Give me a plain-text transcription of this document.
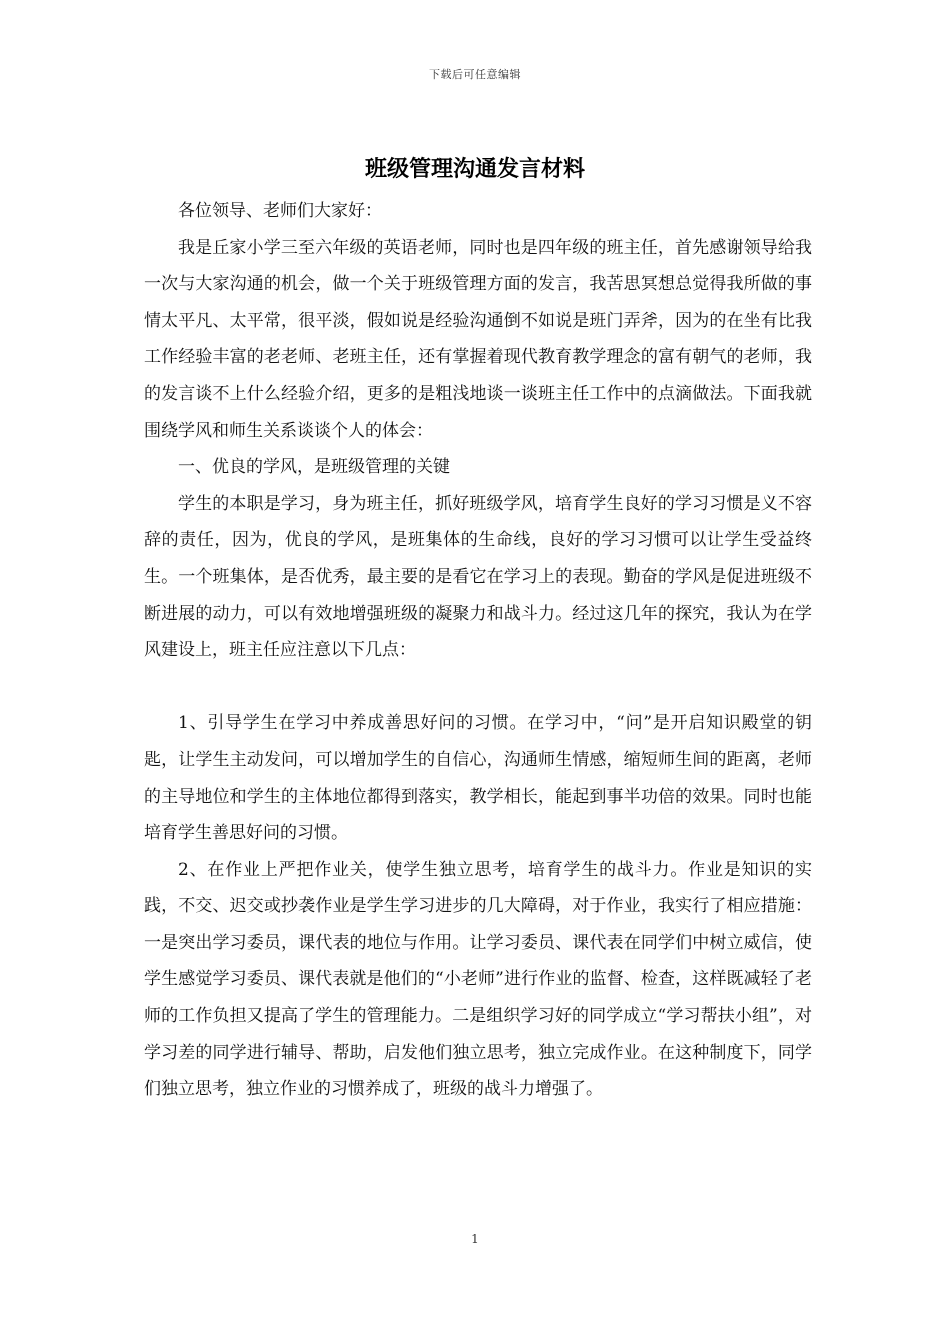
下载后可任意编辑
班级管理沟通发言材料

各位领导、老师们大家好：

我是丘家小学三至六年级的英语老师，同时也是四年级的班主任，首先感谢领导给我一次与大家沟通的机会，做一个关于班级管理方面的发言，我苦思冥想总觉得我所做的事情太平凡、太平常，很平淡，假如说是经验沟通倒不如说是班门弄斧，因为的在坐有比我工作经验丰富的老老师、老班主任，还有掌握着现代教育教学理念的富有朝气的老师，我的发言谈不上什么经验介绍，更多的是粗浅地谈一谈班主任工作中的点滴做法。下面我就围绕学风和师生关系谈谈个人的体会：

一、优良的学风，是班级管理的关键

学生的本职是学习，身为班主任，抓好班级学风，培育学生良好的学习习惯是义不容辞的责任，因为，优良的学风，是班集体的生命线，良好的学习习惯可以让学生受益终生。一个班集体，是否优秀，最主要的是看它在学习上的表现。勤奋的学风是促进班级不断进展的动力，可以有效地增强班级的凝聚力和战斗力。经过这几年的探究，我认为在学风建设上，班主任应注意以下几点：

1、引导学生在学习中养成善思好问的习惯。在学习中，“问”是开启知识殿堂的钥匙，让学生主动发问，可以增加学生的自信心，沟通师生情感，缩短师生间的距离，老师的主导地位和学生的主体地位都得到落实，教学相长，能起到事半功倍的效果。同时也能培育学生善思好问的习惯。

2、在作业上严把作业关，使学生独立思考，培育学生的战斗力。作业是知识的实践，不交、迟交或抄袭作业是学生学习进步的几大障碍，对于作业，我实行了相应措施：一是突出学习委员，课代表的地位与作用。让学习委员、课代表在同学们中树立威信，使学生感觉学习委员、课代表就是他们的“小老师”进行作业的监督、检查，这样既减轻了老师的工作负担又提高了学生的管理能力。二是组织学习好的同学成立“学习帮扶小组”，对学习差的同学进行辅导、帮助，启发他们独立思考，独立完成作业。在这种制度下，同学们独立思考，独立作业的习惯养成了，班级的战斗力增强了。

1
